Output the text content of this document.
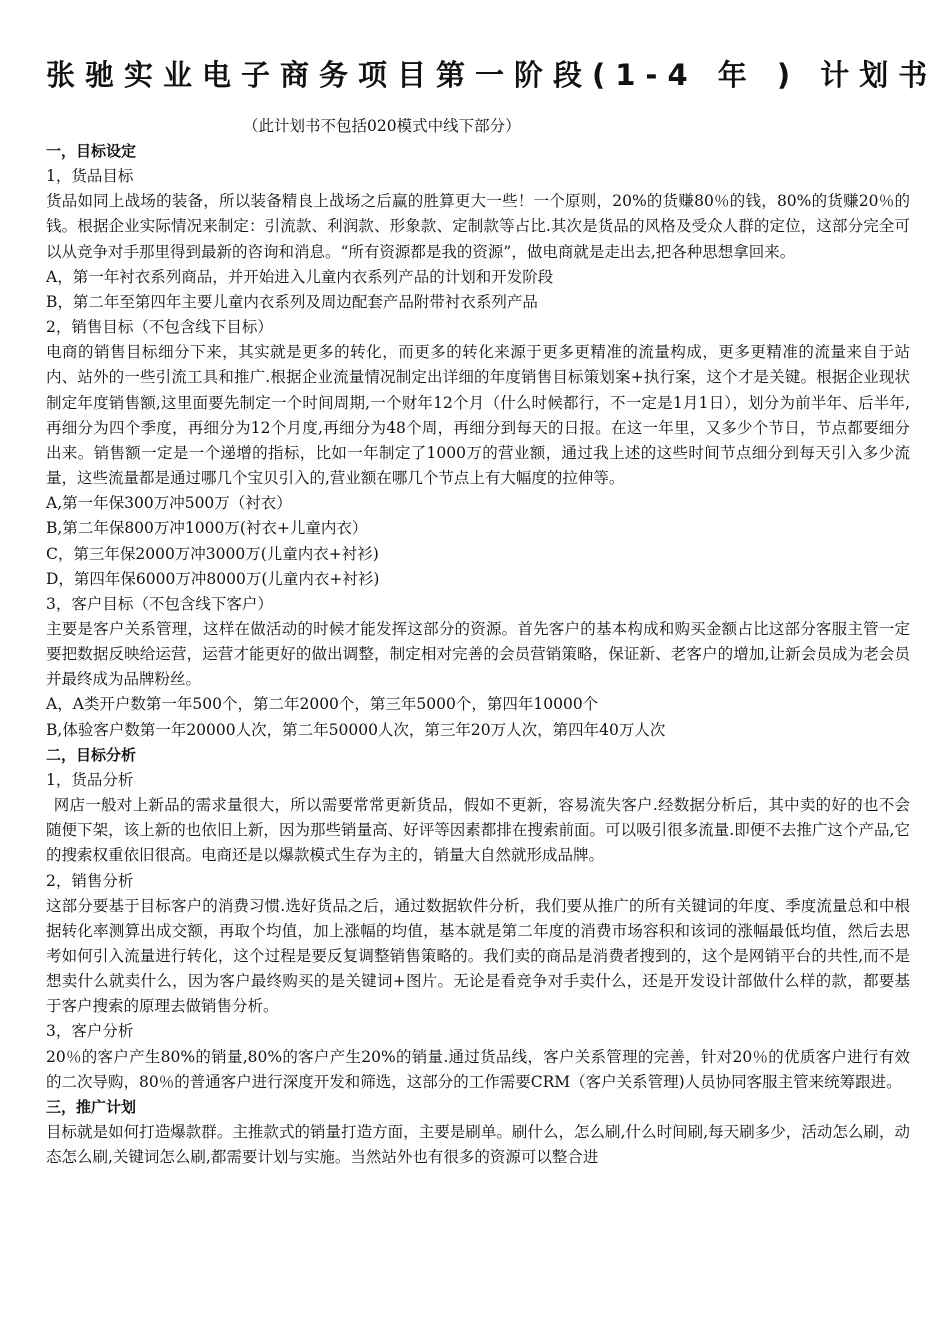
张驰实业电子商务项目第一阶段(1-4 年 ) 计划书
（此计划书不包括020模式中线下部分）

一，目标设定

1，货品目标

货品如同上战场的装备，所以装备精良上战场之后赢的胜算更大一些！一个原则，20%的货赚80％的钱，80%的货赚20％的钱。根据企业实际情况来制定：引流款、利润款、形象款、定制款等占比.其次是货品的风格及受众人群的定位，这部分完全可以从竞争对手那里得到最新的咨询和消息。“所有资源都是我的资源”，做电商就是走出去,把各种思想拿回来。

A，第一年衬衣系列商品，并开始进入儿童内衣系列产品的计划和开发阶段

B，第二年至第四年主要儿童内衣系列及周边配套产品附带衬衣系列产品

2，销售目标（不包含线下目标）

电商的销售目标细分下来，其实就是更多的转化，而更多的转化来源于更多更精准的流量构成，更多更精准的流量来自于站内、站外的一些引流工具和推广.根据企业流量情况制定出详细的年度销售目标策划案+执行案，这个才是关键。根据企业现状制定年度销售额,这里面要先制定一个时间周期,一个财年12个月（什么时候都行，不一定是1月1日），划分为前半年、后半年,再细分为四个季度，再细分为12个月度,再细分为48个周，再细分到每天的日报。在这一年里，又多少个节日，节点都要细分出来。销售额一定是一个递增的指标，比如一年制定了1000万的营业额，通过我上述的这些时间节点细分到每天引入多少流量，这些流量都是通过哪几个宝贝引入的,营业额在哪几个节点上有大幅度的拉伸等。

A,第一年保300万冲500万（衬衣）

B,第二年保800万冲1000万(衬衣+儿童内衣）

C，第三年保2000万冲3000万(儿童内衣+衬衫)

D，第四年保6000万冲8000万(儿童内衣+衬衫)

3，客户目标（不包含线下客户）

主要是客户关系管理，这样在做活动的时候才能发挥这部分的资源。首先客户的基本构成和购买金额占比这部分客服主管一定要把数据反映给运营，运营才能更好的做出调整，制定相对完善的会员营销策略，保证新、老客户的增加,让新会员成为老会员并最终成为品牌粉丝。

A，A类开户数第一年500个，第二年2000个，第三年5000个，第四年10000个

B,体验客户数第一年20000人次，第二年50000人次，第三年20万人次，第四年40万人次

二，目标分析

1，货品分析

网店一般对上新品的需求量很大，所以需要常常更新货品，假如不更新，容易流失客户.经数据分析后，其中卖的好的也不会随便下架，该上新的也依旧上新，因为那些销量高、好评等因素都排在搜索前面。可以吸引很多流量.即便不去推广这个产品,它的搜索权重依旧很高。电商还是以爆款模式生存为主的，销量大自然就形成品牌。

2，销售分析

这部分要基于目标客户的消费习惯.选好货品之后，通过数据软件分析，我们要从推广的所有关键词的年度、季度流量总和中根据转化率测算出成交额，再取个均值，加上涨幅的均值，基本就是第二年度的消费市场容积和该词的涨幅最低均值，然后去思考如何引入流量进行转化，这个过程是要反复调整销售策略的。我们卖的商品是消费者搜到的，这个是网销平台的共性,而不是想卖什么就卖什么，因为客户最终购买的是关键词+图片。无论是看竞争对手卖什么，还是开发设计部做什么样的款，都要基于客户搜索的原理去做销售分析。

3，客户分析

20％的客户产生80%的销量,80%的客户产生20%的销量.通过货品线，客户关系管理的完善，针对20％的优质客户进行有效的二次导购，80％的普通客户进行深度开发和筛选，这部分的工作需要CRM（客户关系管理)人员协同客服主管来统筹跟进。

三，推广计划

目标就是如何打造爆款群。主推款式的销量打造方面，主要是刷单。刷什么，怎么刷,什么时间刷,每天刷多少，活动怎么刷，动态怎么刷,关键词怎么刷,都需要计划与实施。当然站外也有很多的资源可以整合进
